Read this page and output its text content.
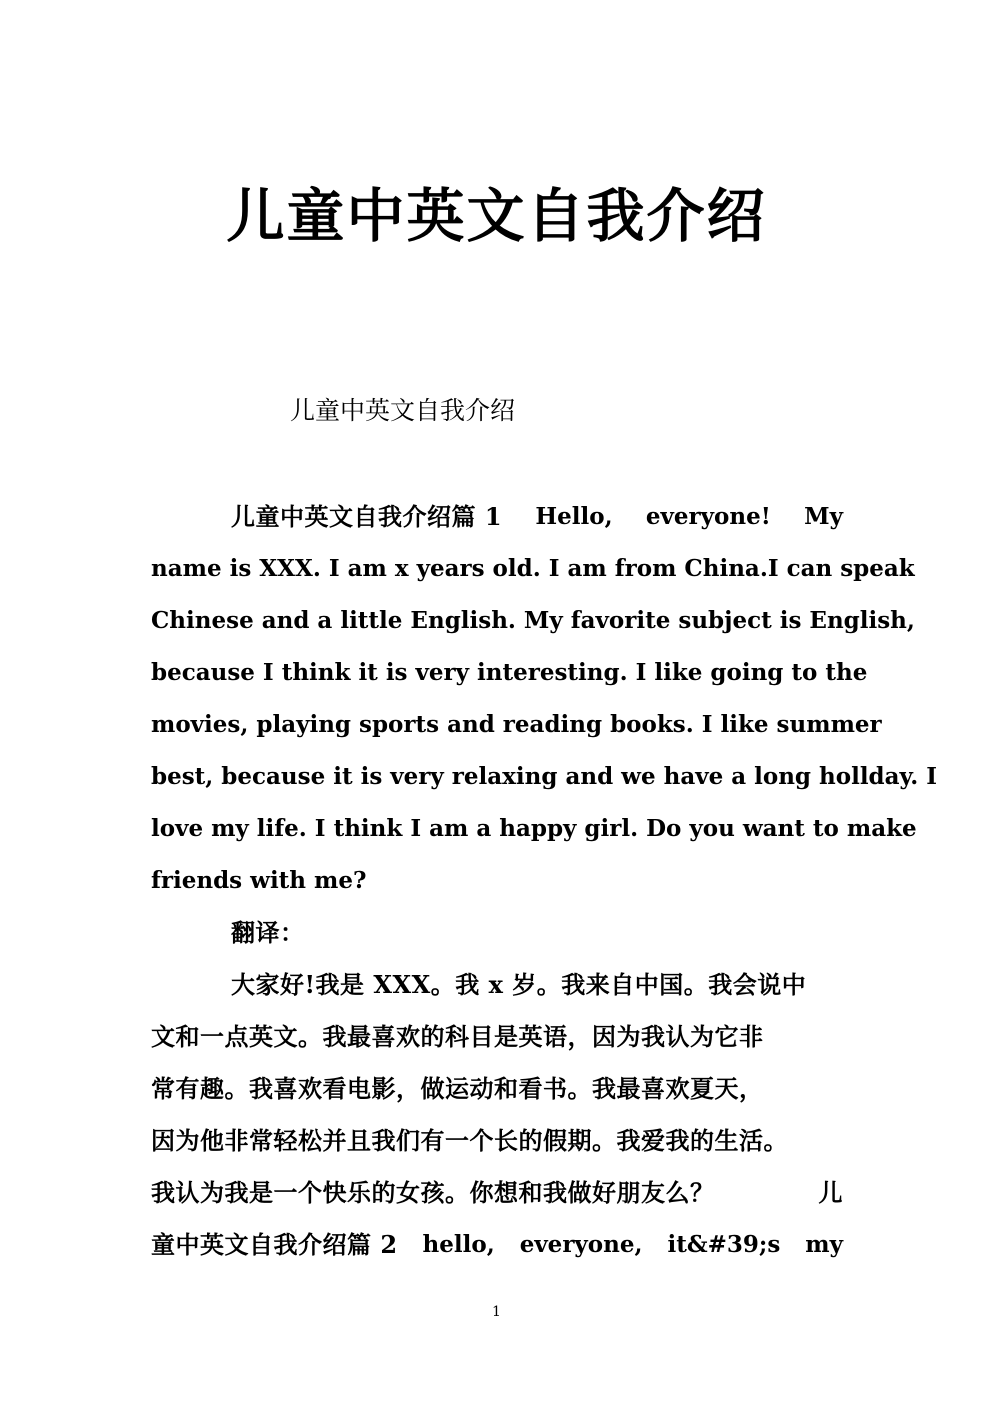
儿童中英文自我介绍
儿童中英文自我介绍
儿童中英文自我介绍篇 1 Hello, everyone! My
name is XXX. I am x years old. I am from China.I can speak
Chinese and a little English. My favorite subject is English,
because I think it is very interesting. I like going to the
movies, playing sports and reading books. I like summer
best, because it is very relaxing and we have a long hollday. I
love my life. I think I am a happy girl. Do you want to make
friends with me?
翻译：
大家好!我是 XXX。我 x 岁。我来自中国。我会说中
文和一点英文。我最喜欢的科目是英语，因为我认为它非
常有趣。我喜欢看电影，做运动和看书。我最喜欢夏天，
因为他非常轻松并且我们有一个长的假期。我爱我的生活。
我认为我是一个快乐的女孩。你想和我做好朋友么？	儿
童中英文自我介绍篇 2 hello, everyone, it&#39;s my
1
